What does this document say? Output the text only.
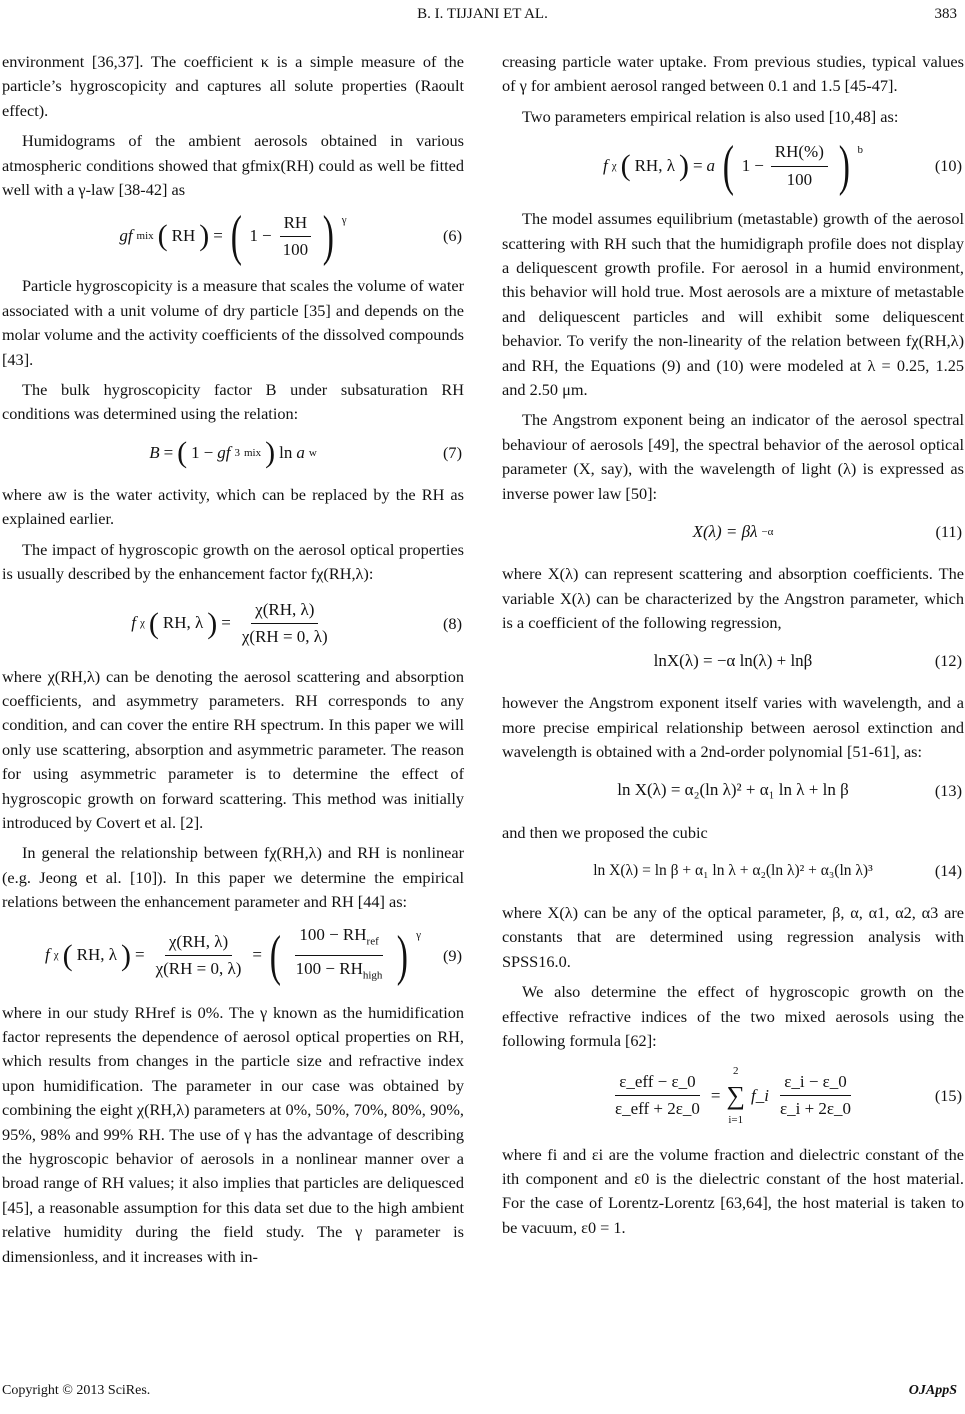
B. I. TIJJANI ET AL.	383

environment [36,37]. The coefficient κ is a simple measure of the particle’s hygroscopicity and captures all solute properties (Raoult effect).

Humidograms of the ambient aerosols obtained in various atmospheric conditions showed that gfmix(RH) could as well be fitted well with a γ-law [38-42] as

gf mix ( RH ) = ( $1 - \frac{RH}{100}$ ) $^\gamma$
(6)

Particle hygroscopicity is a measure that scales the volume of water associated with a unit volume of dry particle [35] and depends on the molar volume and the activity coefficients of the dissolved compounds [43].

The bulk hygroscopicity factor B under subsaturation RH conditions was determined using the relation:

B = ( 1 − gf 3 mix ) ln a w	(7)

where aw is the water activity, which can be replaced by the RH as explained earlier.

The impact of hygroscopic growth on the aerosol optical properties is usually described by the enhancement factor fχ(RH,λ):

f χ ( RH, λ ) = $\frac{\chi(RH, \lambda)}{\chi(RH = 0, \lambda)}$	(8)

where χ(RH,λ) can be denoting the aerosol scattering and absorption coefficients, and asymmetry parameters. RH corresponds to any condition, and can cover the entire RH spectrum. In this paper we will only use scattering, absorption and asymmetric parameter. The reason for using asymmetric parameter is to determine the effect of hygroscopic growth on forward scattering. This method was initially introduced by Covert et al. [2].

In general the relationship between fχ(RH,λ) and RH is nonlinear (e.g. Jeong et al. [10]). In this paper we determine the empirical relations between the enhancement parameter and RH [44] as:

f χ ( RH, λ ) = $\frac{\chi(RH, \lambda)}{\chi(RH = 0, \lambda)}$ = ( $\frac{100 - RH_{ref}}{100 - RH_{high}}$ ) $^\gamma$
(9)

where in our study RHref is 0%. The γ known as the humidification factor represents the dependence of aerosol optical properties on RH, which results from changes in the particle size and refractive index upon humidification. The parameter in our case was obtained by combining the eight χ(RH,λ) parameters at 0%, 50%, 70%, 80%, 90%, 95%, 98% and 99% RH. The use of γ has the advantage of describing the hygroscopic behavior of aerosols in a nonlinear manner over a broad range of RH values; it also implies that particles are deliquesced [45], a reasonable assumption for this data set due to the high ambient relative humidity during the field study. The γ parameter is dimensionless, and it increases with in-

creasing particle water uptake. From previous studies, typical values of γ for ambient aerosol ranged between 0.1 and 1.5 [45-47].

Two parameters empirical relation is also used [10,48] as:

f χ ( RH, λ ) = a ( $1 - \frac{RH(\%)}{100}$ ) $^b$
(10)

The model assumes equilibrium (metastable) growth of the aerosol scattering with RH such that the humidigraph profile does not display a deliquescent growth profile. For aerosol in a humid environment, this behavior will hold true. Most aerosols are a mixture of metastable and deliquescent particles and will exhibit some deliquescent behavior. To verify the non-linearity of the relation between fχ(RH,λ) and RH, the Equations (9) and (10) were modeled at λ = 0.25, 1.25 and 2.50 μm.

The Angstrom exponent being an indicator of the aerosol spectral behaviour of aerosols [49], the spectral behavior of the aerosol optical parameter (X, say), with the wavelength of light (λ) is expressed as inverse power law [50]:

X(λ) = βλ −α	(11)

where X(λ) can represent scattering and absorption coefficients. The variable X(λ) can be characterized by the Angstron parameter, which is a coefficient of the following regression,

lnX(λ) = −α ln(λ) + lnβ	(12)

however the Angstrom exponent itself varies with wavelength, and a more precise empirical relationship between aerosol extinction and wavelength is obtained with a 2nd-order polynomial [51-61], as:

ln X(λ) = α₂(ln λ)² + α₁ ln λ + ln β	(13)

and then we proposed the cubic

ln X(λ) = ln β + α₁ ln λ + α₂(ln λ)² + α₃(ln λ)³	(14)

where X(λ) can be any of the optical parameter, β, α, α1, α2, α3 are constants that are determined using regression analysis with SPSS16.0.

We also determine the effect of hygroscopic growth on the effective refractive indices of the two mixed aerosols using the following formula [62]:

$\frac{\text{ε\_eff − ε\_0}}{\text{ε\_eff + 2ε\_0}}$ =
2
∑
i=1
f_i $\frac{\varepsilon\_i - \varepsilon\_0}{\varepsilon\_i + 2\varepsilon\_0}$	(15)

where fi and εi are the volume fraction and dielectric constant of the ith component and ε0 is the dielectric constant of the host material. For the case of Lorentz-Lorentz [63,64], the host material is taken to be vacuum, ε0 = 1.

Copyright © 2013 SciRes.	OJAppS
